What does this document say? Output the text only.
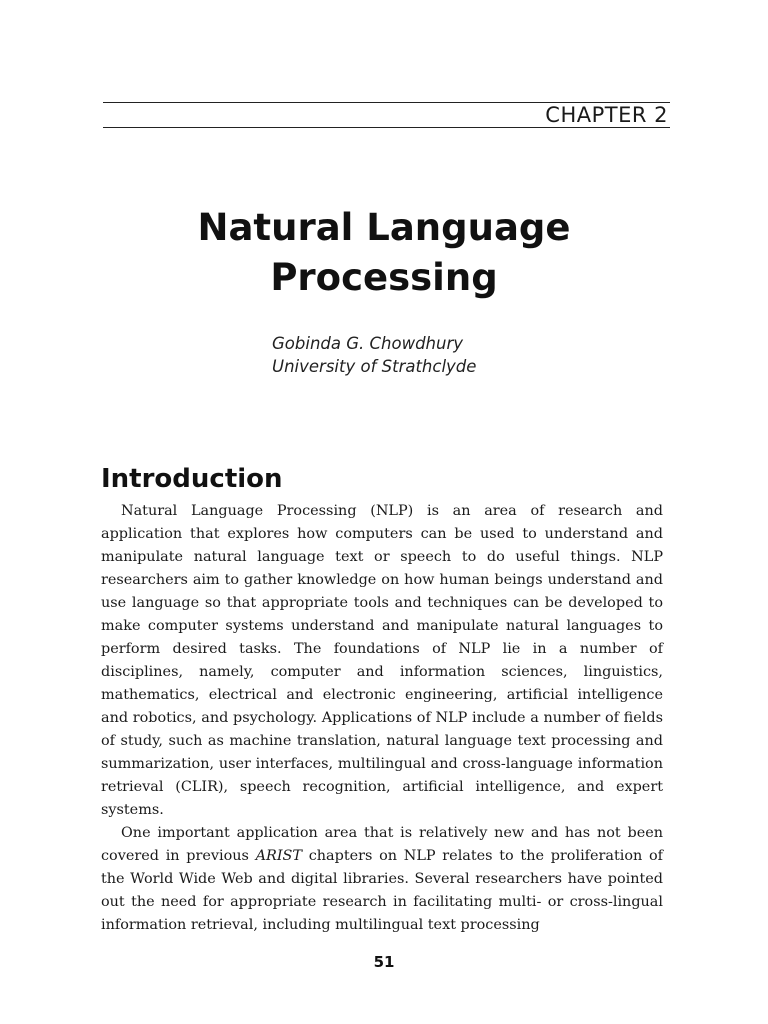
CHAPTER 2
Natural Language
Processing
Gobinda G. Chowdhury
University of Strathclyde
Introduction

Natural Language Processing (NLP) is an area of research and application that explores how computers can be used to understand and manipulate natural language text or speech to do useful things. NLP researchers aim to gather knowledge on how human beings understand and use language so that appropriate tools and techniques can be developed to make computer systems understand and manipulate natural languages to perform desired tasks. The foundations of NLP lie in a number of disciplines, namely, computer and information sciences, linguistics, mathematics, electrical and electronic engineering, artificial intelligence and robotics, and psychology. Applications of NLP include a number of fields of study, such as machine translation, natural language text processing and summarization, user interfaces, multilingual and cross-language information retrieval (CLIR), speech recognition, artificial intelligence, and expert systems.

One important application area that is relatively new and has not been covered in previous ARIST chapters on NLP relates to the proliferation of the World Wide Web and digital libraries. Several researchers have pointed out the need for appropriate research in facilitating multi- or cross-lingual information retrieval, including multilingual text processing

51
